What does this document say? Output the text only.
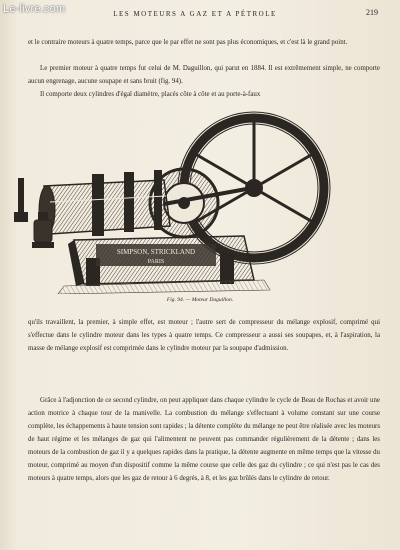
Le-livre.com	LES MOTEURS A GAZ ET A PÉTROLE	219

et le contraire moteurs à quatre temps, parce que le par effet ne sont pas plus économiques, et c'est là le grand point.

Le premier moteur à quatre temps fut celui de M. Daguillon, qui parut en 1884. Il est extrêmement simple, ne comporte aucun engrenage, aucune soupape et sans bruit (fig. 94).

Il comporte deux cylindres d'égal diamètre, placés côte à côte et au porte-à-faux

SIMPSON, STRICKLAND
PARIS
Fig. 94. — Moteur Daguillon.

qu'ils travaillent, la premier, à simple effet, est moteur ; l'autre sert de compresseur du mélange explosif, comprimé qui s'effectue dans le cylindre moteur dans les types à quatre temps. Ce compresseur a aussi ses soupapes, et, à l'aspiration, la masse de mélange explosif est comprimée dans le cylindre moteur par la soupape d'admission.

Grâce à l'adjonction de ce second cylindre, on peut appliquer dans chaque cylindre le cycle de Beau de Rochas et avoir une action motrice à chaque tour de la manivelle. La combustion du mélange s'effectuant à volume constant sur une course complète, les échappements à haute tension sont rapides ; la détente complète du mélange ne peut être réalisée avec les moteurs de haut régime et les mélanges de gaz qui l'alimentent ne peuvent pas commander régulièrement de la détente ; dans les moteurs de la combustion de gaz il y a quelques rapides dans la pratique, la détente augmente en même temps que la vitesse du moteur, comprimé au moyen d'un dispositif comme la même course que celle des gaz du cylindre ; ce qui n'est pas le cas des moteurs à quatre temps, alors que les gaz de retour à 6 degrés, à 8, et les gaz brûlés dans le cylindre de retour.
